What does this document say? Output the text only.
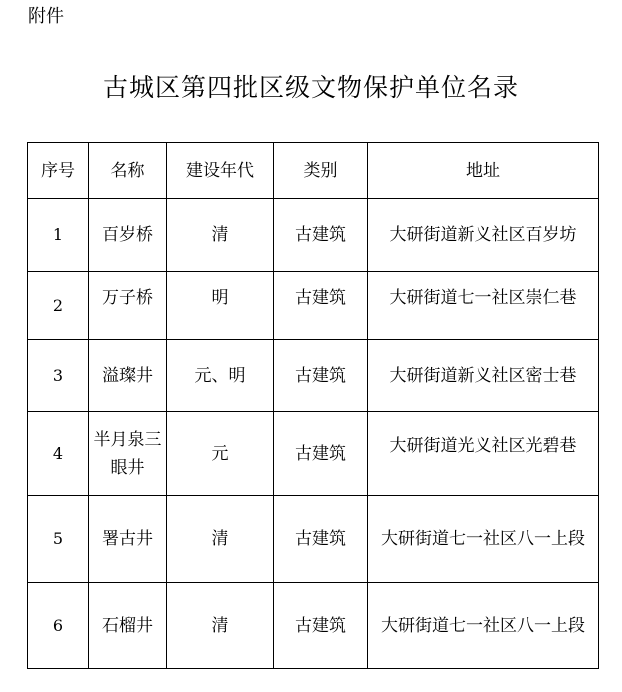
附件
古城区第四批区级文物保护单位名录
序号	名称	建设年代	类别	地址
1	百岁桥	清	古建筑	大研街道新义社区百岁坊
2	万子桥	明	古建筑	大研街道七一社区崇仁巷

3	溢璨井	元、明	古建筑	大研街道新义社区密士巷
4	半月泉三眼井	元	古建筑	大研街道光义社区光碧巷

5	署古井	清	古建筑	大研街道七一社区八一上段
6	石榴井	清	古建筑	大研街道七一社区八一上段
